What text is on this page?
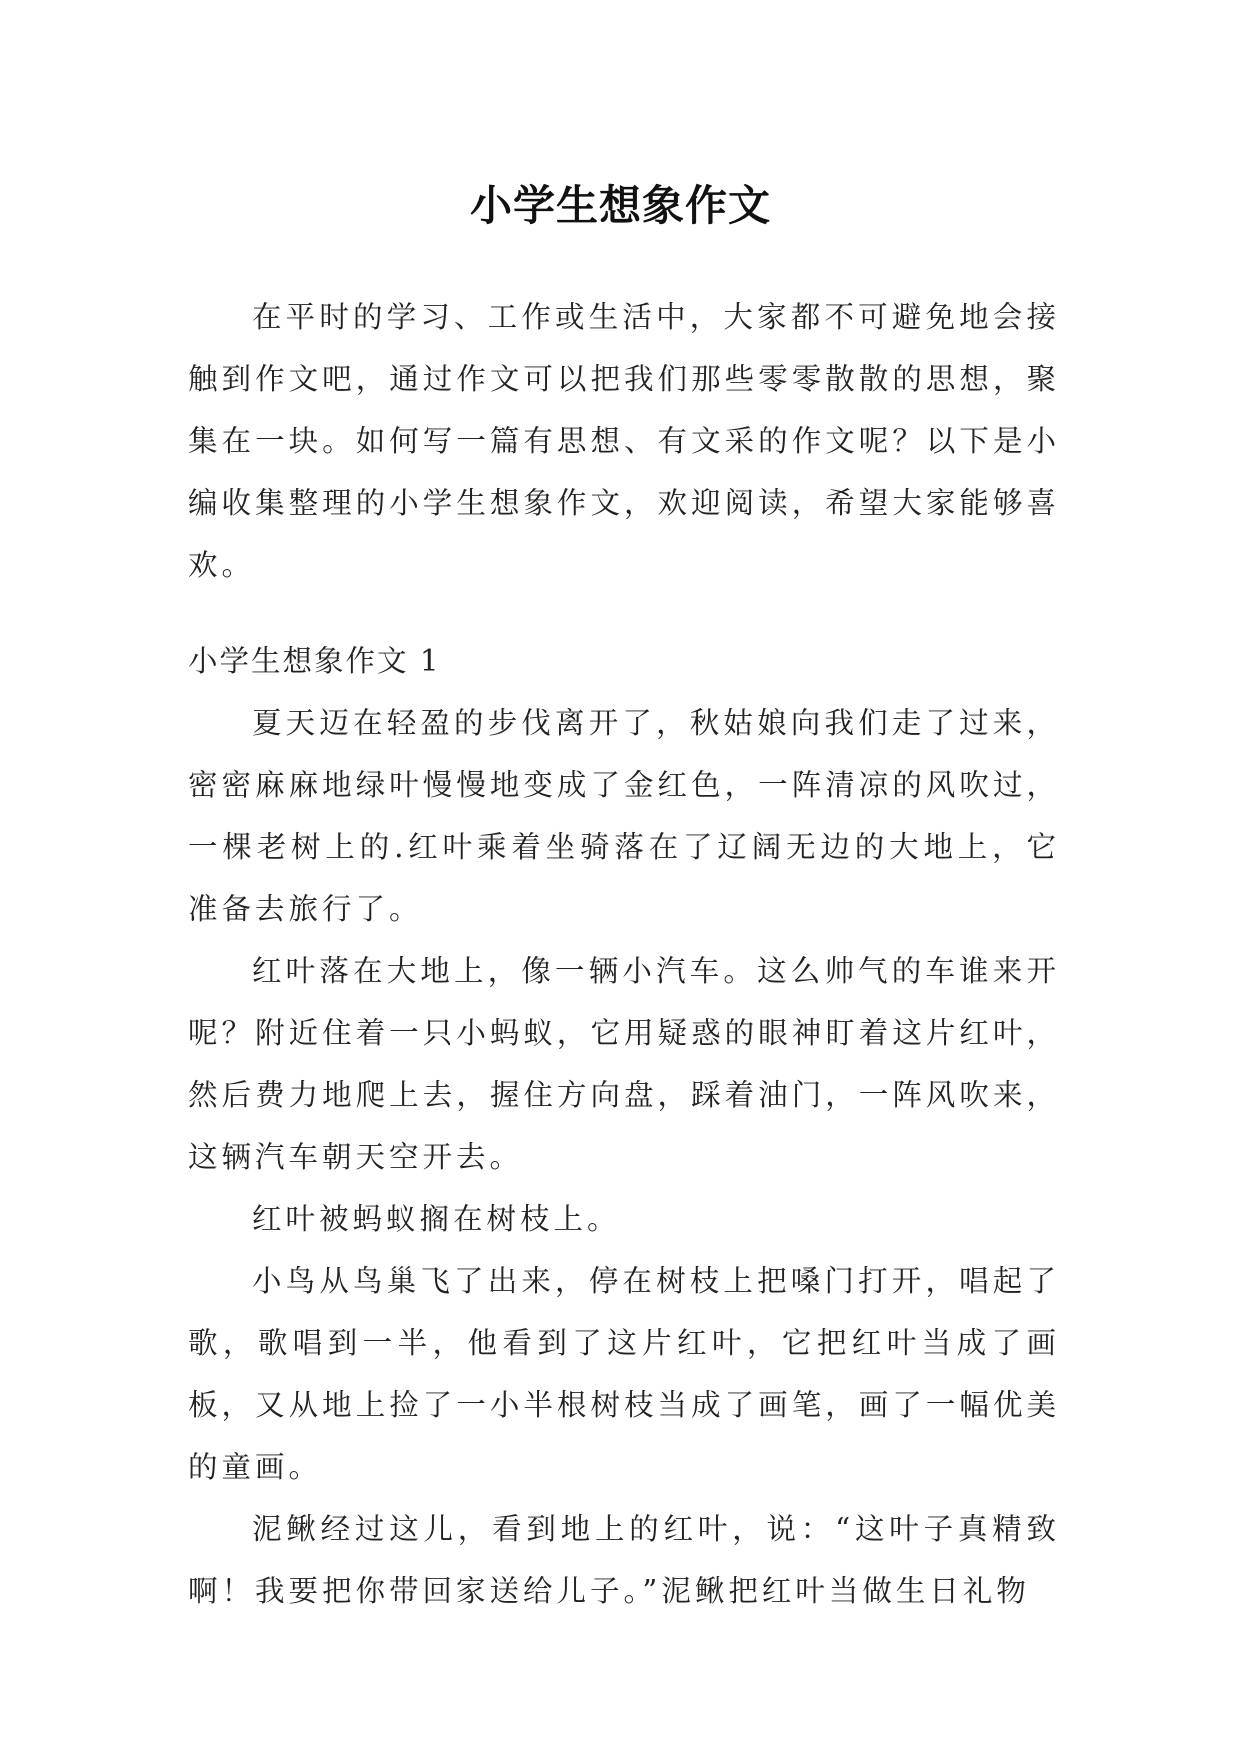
小学生想象作文

在平时的学习、工作或生活中，大家都不可避免地会接触到作文吧，通过作文可以把我们那些零零散散的思想，聚集在一块。如何写一篇有思想、有文采的作文呢？以下是小编收集整理的小学生想象作文，欢迎阅读，希望大家能够喜欢。

小学生想象作文 1

夏天迈在轻盈的步伐离开了，秋姑娘向我们走了过来，密密麻麻地绿叶慢慢地变成了金红色，一阵清凉的风吹过，一棵老树上的.红叶乘着坐骑落在了辽阔无边的大地上，它准备去旅行了。

红叶落在大地上，像一辆小汽车。这么帅气的车谁来开呢？附近住着一只小蚂蚁，它用疑惑的眼神盯着这片红叶，然后费力地爬上去，握住方向盘，踩着油门，一阵风吹来，这辆汽车朝天空开去。

红叶被蚂蚁搁在树枝上。

小鸟从鸟巢飞了出来，停在树枝上把嗓门打开，唱起了歌，歌唱到一半，他看到了这片红叶，它把红叶当成了画板，又从地上捡了一小半根树枝当成了画笔，画了一幅优美的童画。

泥鳅经过这儿，看到地上的红叶，说：“这叶子真精致啊！我要把你带回家送给儿子。”泥鳅把红叶当做生日礼物
